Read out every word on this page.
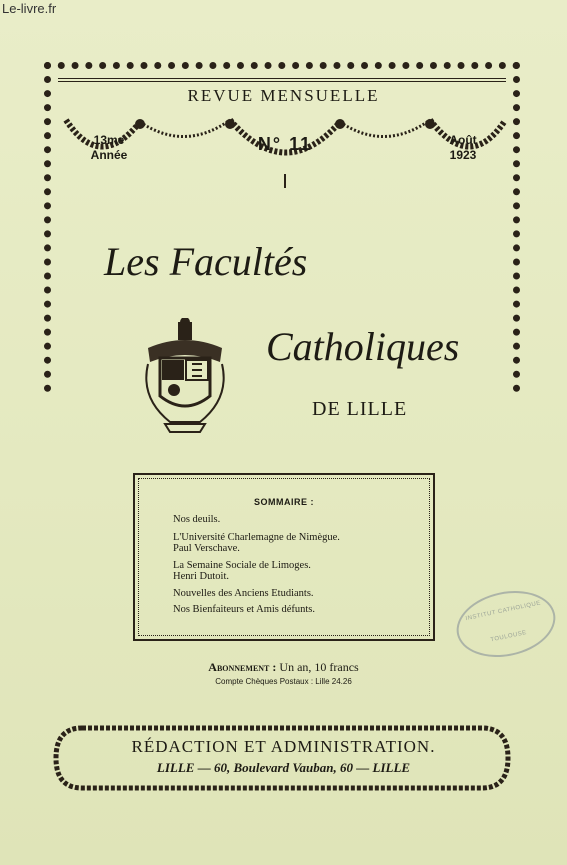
Le-livre.fr
REVUE MENSUELLE
13me
Année
N° 11	Août
1923
Les Facultés
Catholiques
DE LILLE
SOMMAIRE :
Nos deuils.
L'Université Charlemagne de Nimègue.
Paul Verschave.
La Semaine Sociale de Limoges.
Henri Dutoit.
Nouvelles des Anciens Etudiants.
Nos Bienfaiteurs et Amis défunts.	INSTITUT CATHOLIQUE
TOULOUSE
Abonnement : Un an, 10 francs
Compte Chèques Postaux : Lille 24.26
RÉDACTION ET ADMINISTRATION.
LILLE — 60, Boulevard Vauban, 60 — LILLE
